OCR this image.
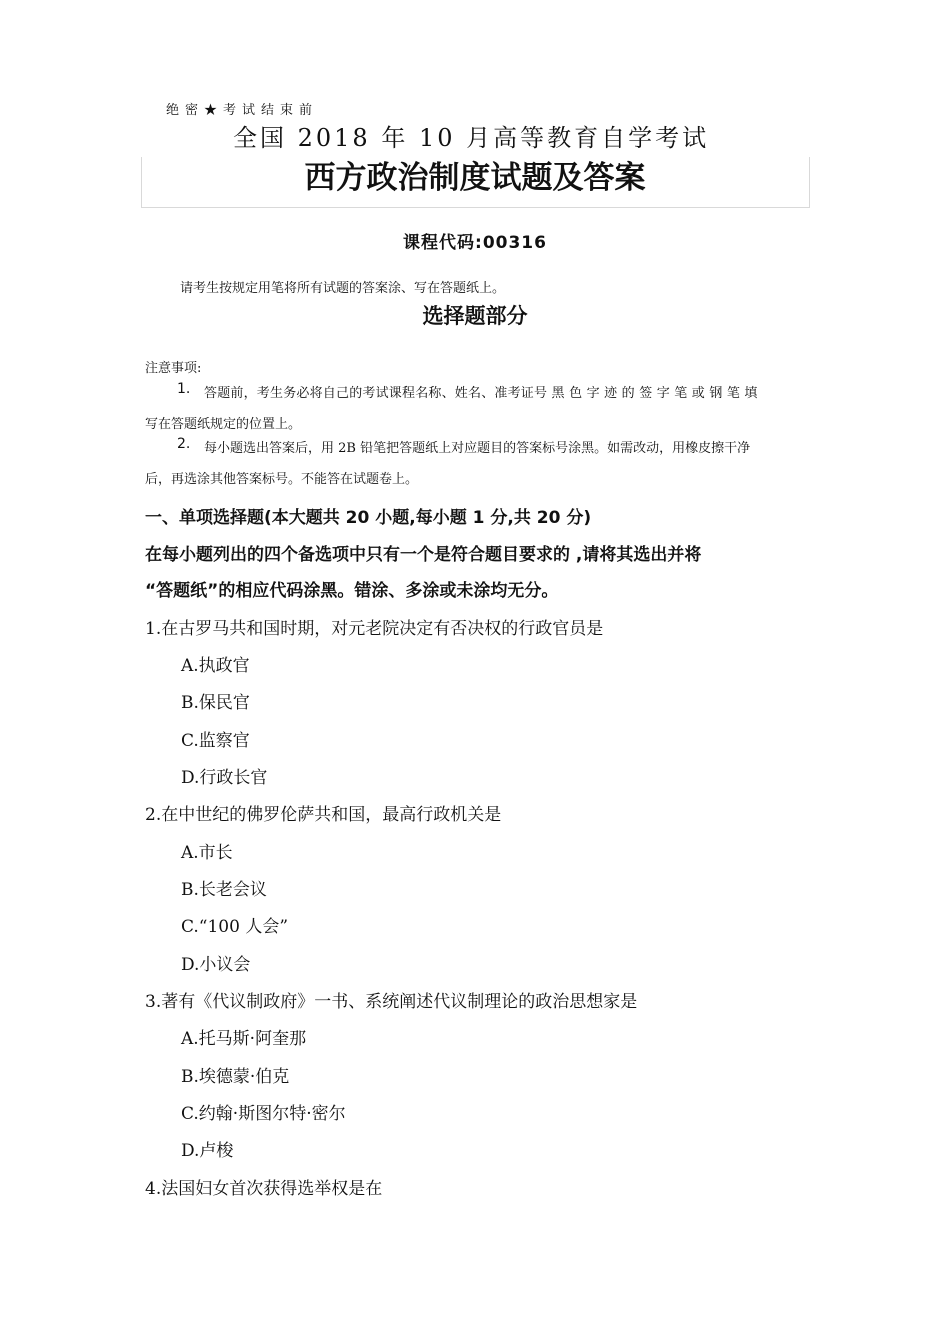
绝密★考试结束前
全国 2018 年 10 月高等教育自学考试
西方政治制度试题及答案
课程代码:00316
请考生按规定用笔将所有试题的答案涂、写在答题纸上。
选择题部分
注意事项:
1. 答题前，考生务必将自己的考试课程名称、姓名、准考证号 黑 色 字 迹 的 签 字 笔 或 钢 笔 填
写在答题纸规定的位置上。
2. 每小题选出答案后，用 2B 铅笔把答题纸上对应题目的答案标号涂黑。如需改动，用橡皮擦干净
后，再选涂其他答案标号。不能答在试题卷上。
一、单项选择题(本大题共 20 小题,每小题 1 分,共 20 分)
在每小题列出的四个备选项中只有一个是符合题目要求的 ,请将其选出并将
“答题纸”的相应代码涂黑。错涂、多涂或未涂均无分。
1.在古罗马共和国时期，对元老院决定有否决权的行政官员是
A.执政官
B.保民官
C.监察官
D.行政长官
2.在中世纪的佛罗伦萨共和国，最高行政机关是
A.市长
B.长老会议
C.“100 人会”
D.小议会
3.著有《代议制政府》一书、系统阐述代议制理论的政治思想家是
A.托马斯·阿奎那
B.埃德蒙·伯克
C.约翰·斯图尔特·密尔
D.卢梭
4.法国妇女首次获得选举权是在
